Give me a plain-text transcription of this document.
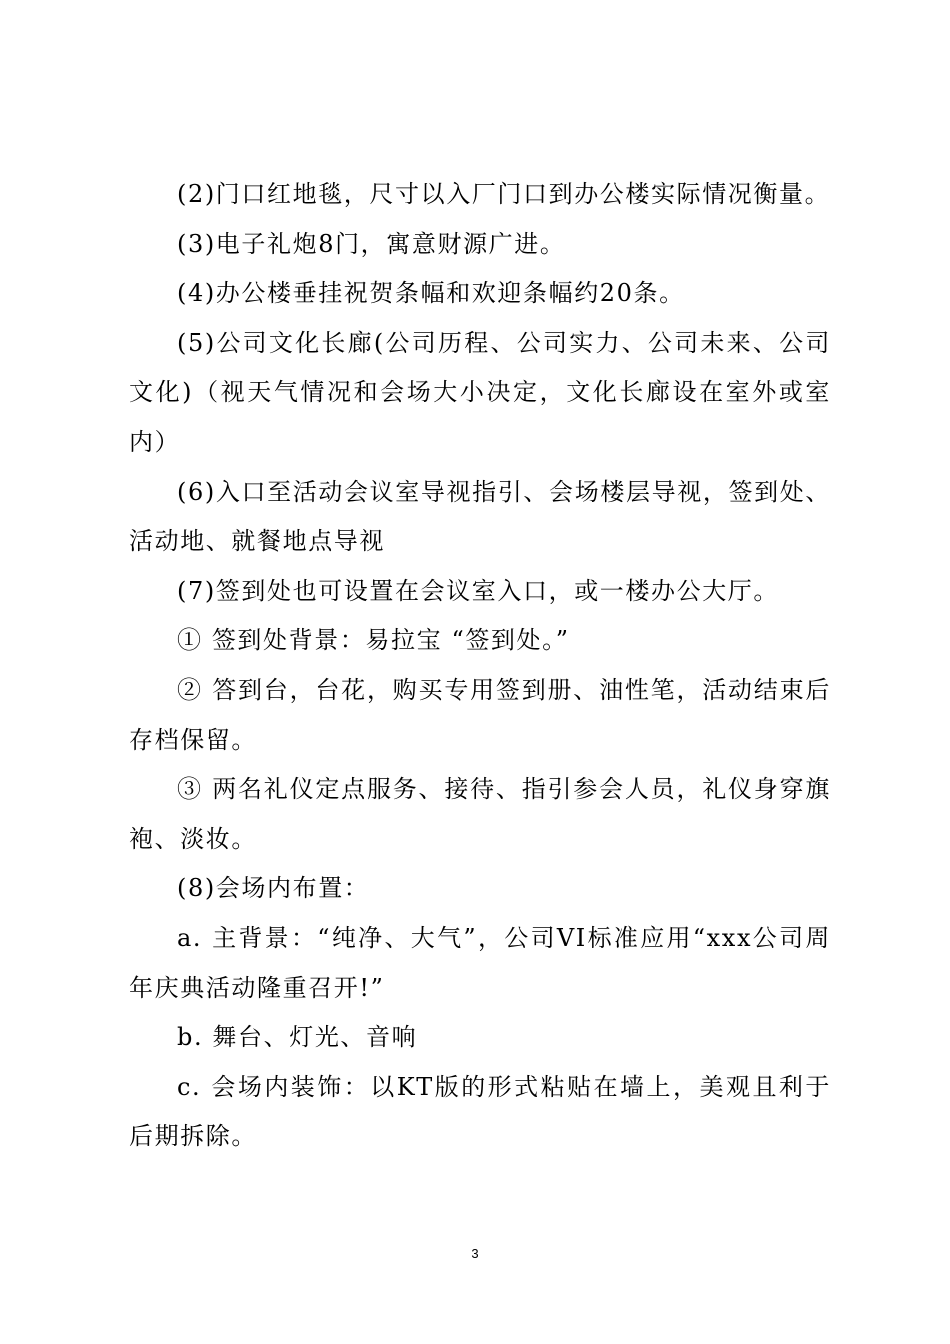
(2)门口红地毯，尺寸以入厂门口到办公楼实际情况衡量。

(3)电子礼炮8门，寓意财源广进。

(4)办公楼垂挂祝贺条幅和欢迎条幅约20条。

(5)公司文化长廊(公司历程、公司实力、公司未来、公司文化)（视天气情况和会场大小决定，文化长廊设在室外或室内）

(6)入口至活动会议室导视指引、会场楼层导视，签到处、活动地、就餐地点导视

(7)签到处也可设置在会议室入口，或一楼办公大厅。

① 签到处背景：易拉宝 “签到处。”

② 答到台，台花，购买专用签到册、油性笔，活动结束后存档保留。

③ 两名礼仪定点服务、接待、指引参会人员，礼仪身穿旗袍、淡妆。

(8)会场内布置：

a. 主背景：“纯净、大气”，公司VI标准应用“xxx公司周年庆典活动隆重召开!”

b. 舞台、灯光、音响

c. 会场内装饰：以KT版的形式粘贴在墙上，美观且利于后期拆除。

3
